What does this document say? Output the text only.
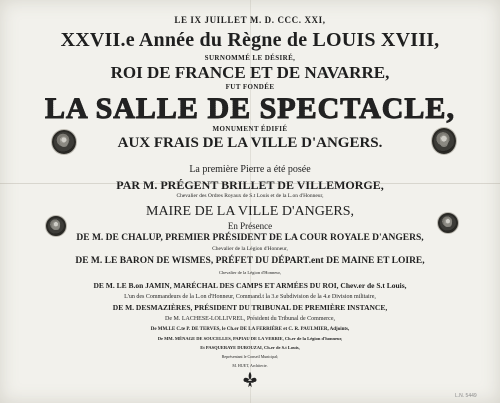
LE IX JUILLET M. D. CCC. XXI,
XXVII.e Année du Règne de LOUIS XVIII,
SURNOMMÉ LE DÉSIRÉ,
ROI DE FRANCE ET DE NAVARRE,
FUT FONDÉE
LA SALLE DE SPECTACLE,
MONUMENT ÉDIFIÉ
AUX FRAIS DE LA VILLE D'ANGERS.
La première Pierre a été posée
PAR M. PRÉGENT BRILLET DE VILLEMORGE,
Chevalier des Ordres Royaux de S.t Louis et de la L.on d'Honneur,
MAIRE DE LA VILLE D'ANGERS,
En Présence
DE M. DE CHALUP, PREMIER PRÉSIDENT DE LA COUR ROYALE D'ANGERS,
Chevalier de la Légion d'Honneur,
DE M. LE BARON DE WISMES, PRÉFET DU DÉPART.ent DE MAINE ET LOIRE,
Chevalier de la Légion d'Honneur,
DE M. LE B.on JAMIN, MARÉCHAL DES CAMPS ET ARMÉES DU ROI, Chev.er de S.t Louis,
L'un des Commandeurs de la L.on d'Honneur, Command.t la 3.e Subdivision de la 4.e Division militaire,
DE M. DESMAZIÈRES, PRÉSIDENT DU TRIBUNAL DE PREMIÈRE INSTANCE,
De M. LACHESE-LOLLIVREL, Président du Tribunal de Commerce,
De MM.LE C.te P. DE TERVES, le Ch.er DE LA FERRIÈRE et C. R. PAULMIER, Adjoints,
De MM. MÉNAGE DE SOUCELLES, PAPIAU DE LA VERRIE, Ch.er de la Légion d'honneur,
Et PASQUERAYE DUROUZAI, Ch.er de S.t Louis,
Représentant le Conseil Municipal;
M. HUET, Architecte.
L.N. 5449
